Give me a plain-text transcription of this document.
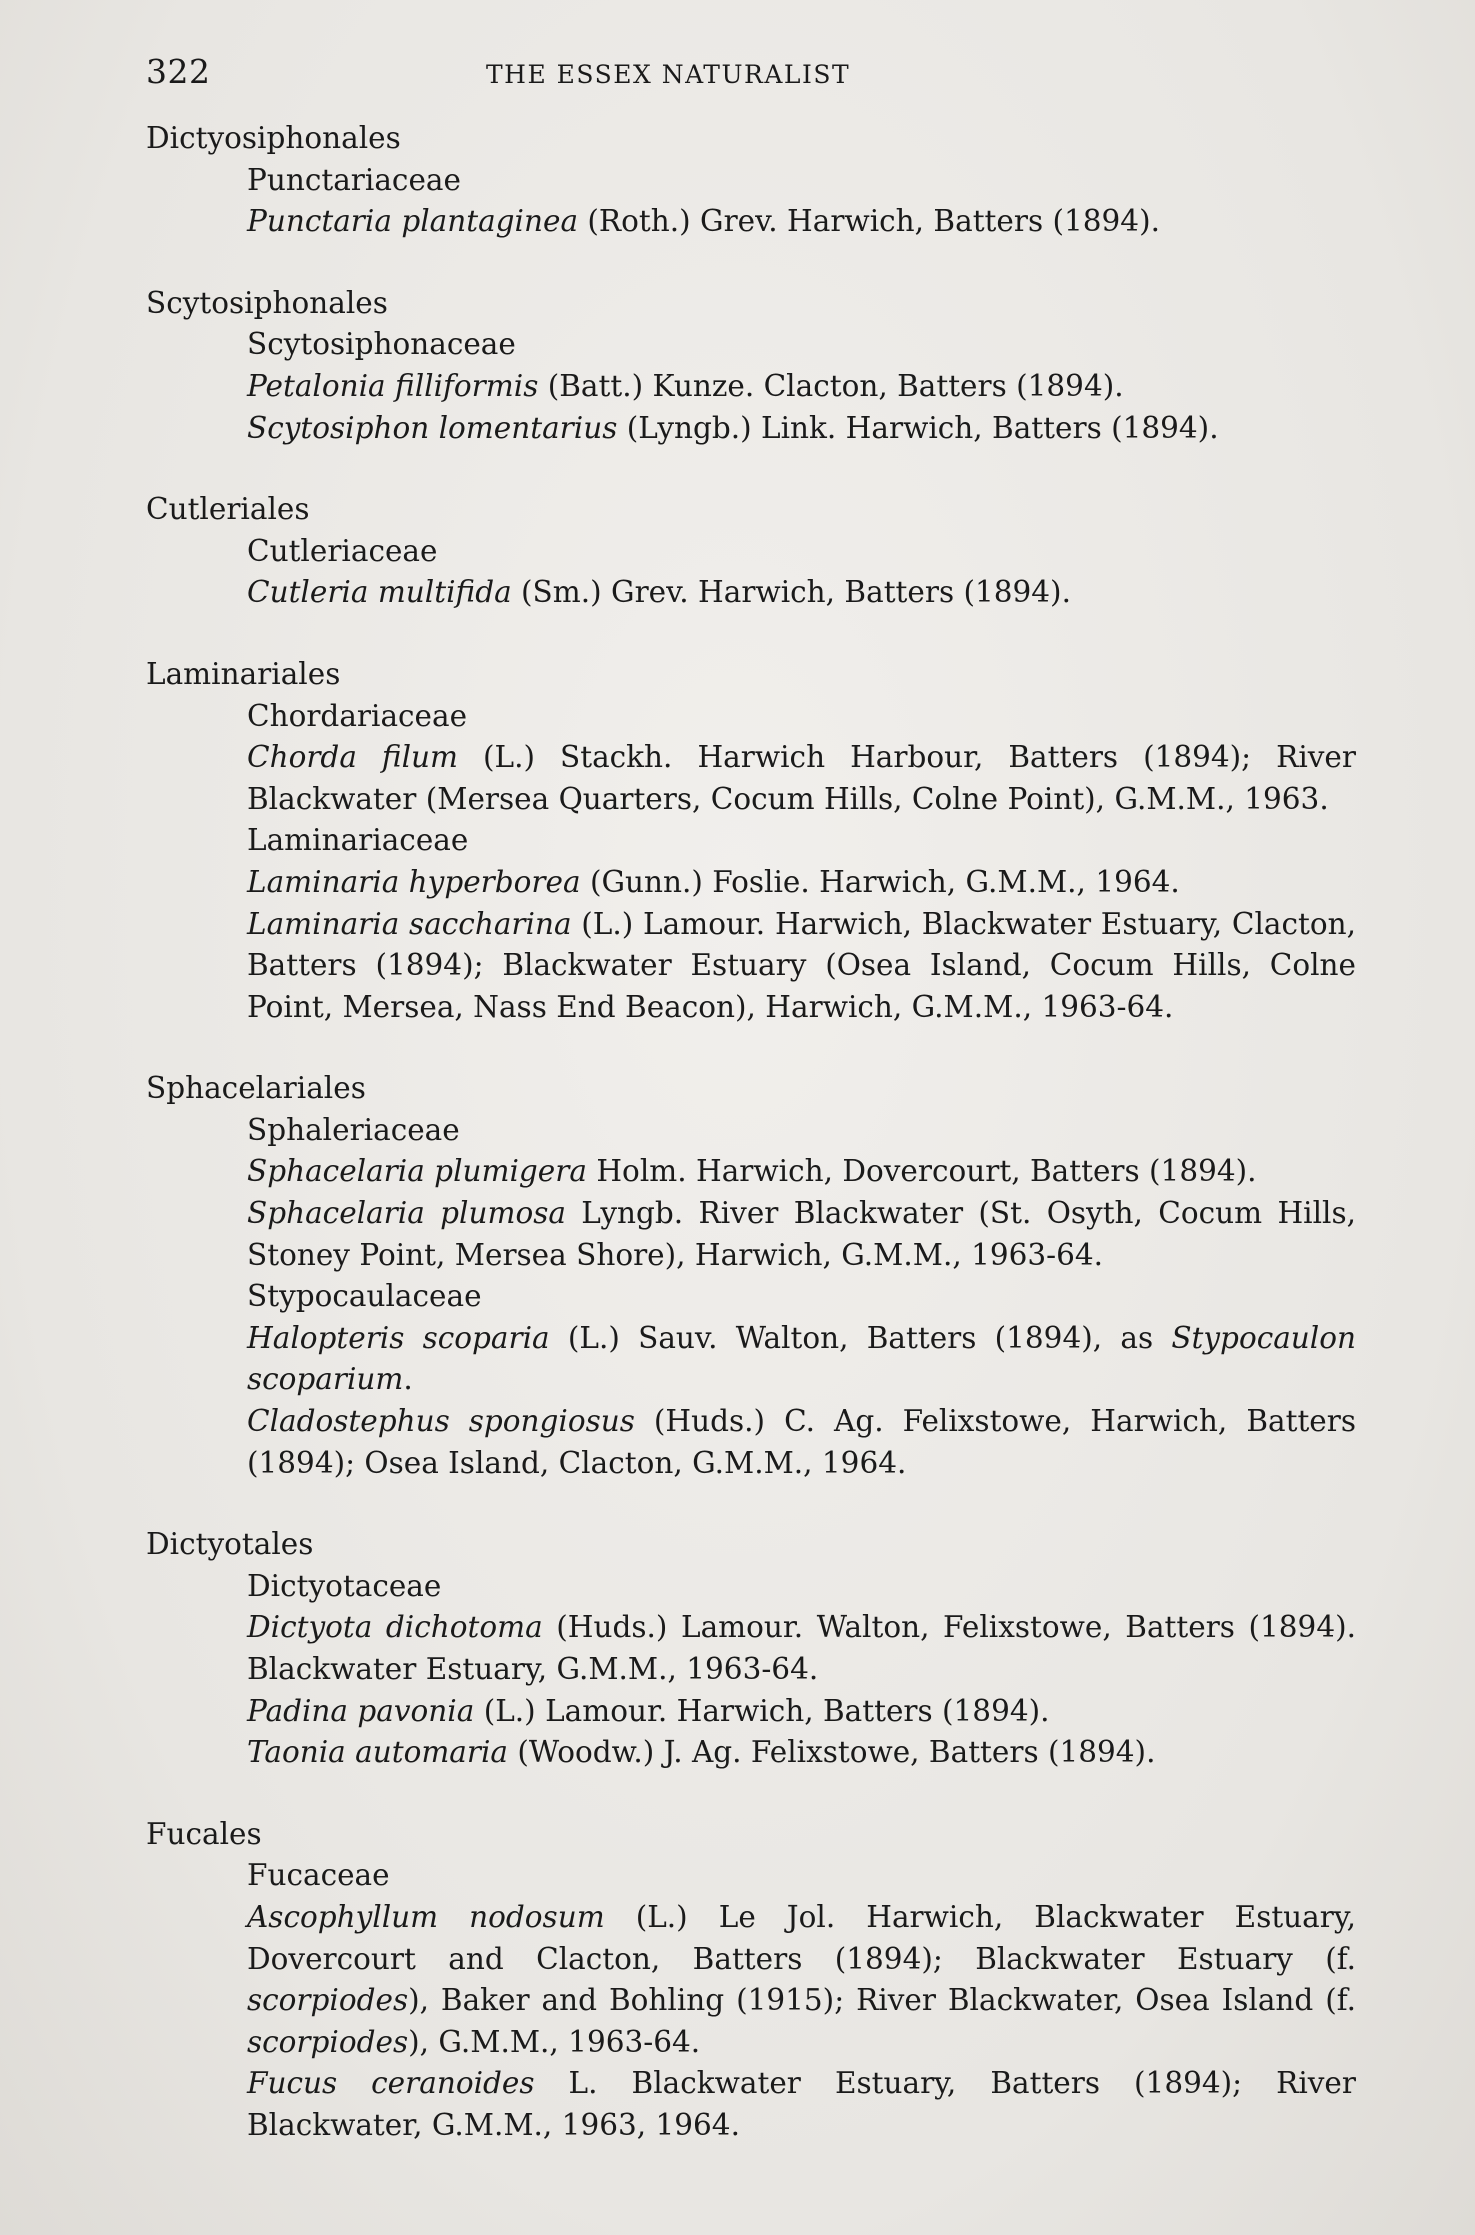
322	THE ESSEX NATURALIST
Dictyosiphonales
Punctariaceae
Punctaria plantaginea (Roth.) Grev. Harwich, Batters (1894).
Scytosiphonales
Scytosiphonaceae
Petalonia filliformis (Batt.) Kunze. Clacton, Batters (1894).
Scytosiphon lomentarius (Lyngb.) Link. Harwich, Batters (1894).
Cutleriales
Cutleriaceae
Cutleria multifida (Sm.) Grev. Harwich, Batters (1894).
Laminariales
Chordariaceae
Chorda filum (L.) Stackh. Harwich Harbour, Batters (1894); River Blackwater (Mersea Quarters, Cocum Hills, Colne Point), G.M.M., 1963.
Laminariaceae
Laminaria hyperborea (Gunn.) Foslie. Harwich, G.M.M., 1964.
Laminaria saccharina (L.) Lamour. Harwich, Blackwater Estuary, Clacton, Batters (1894); Blackwater Estuary (Osea Island, Cocum Hills, Colne Point, Mersea, Nass End Beacon), Harwich, G.M.M., 1963-64.
Sphacelariales
Sphaleriaceae
Sphacelaria plumigera Holm. Harwich, Dovercourt, Batters (1894).
Sphacelaria plumosa Lyngb. River Blackwater (St. Osyth, Cocum Hills, Stoney Point, Mersea Shore), Harwich, G.M.M., 1963-64.
Stypocaulaceae
Halopteris scoparia (L.) Sauv. Walton, Batters (1894), as Stypocaulon scoparium.
Cladostephus spongiosus (Huds.) C. Ag. Felixstowe, Harwich, Batters (1894); Osea Island, Clacton, G.M.M., 1964.
Dictyotales
Dictyotaceae
Dictyota dichotoma (Huds.) Lamour. Walton, Felixstowe, Batters (1894). Blackwater Estuary, G.M.M., 1963-64.
Padina pavonia (L.) Lamour. Harwich, Batters (1894).
Taonia automaria (Woodw.) J. Ag. Felixstowe, Batters (1894).
Fucales
Fucaceae
Ascophyllum nodosum (L.) Le Jol. Harwich, Blackwater Estuary, Dovercourt and Clacton, Batters (1894); Blackwater Estuary (f. scorpiodes), Baker and Bohling (1915); River Blackwater, Osea Island (f. scorpiodes), G.M.M., 1963-64.
Fucus ceranoides L. Blackwater Estuary, Batters (1894); River Blackwater, G.M.M., 1963, 1964.
